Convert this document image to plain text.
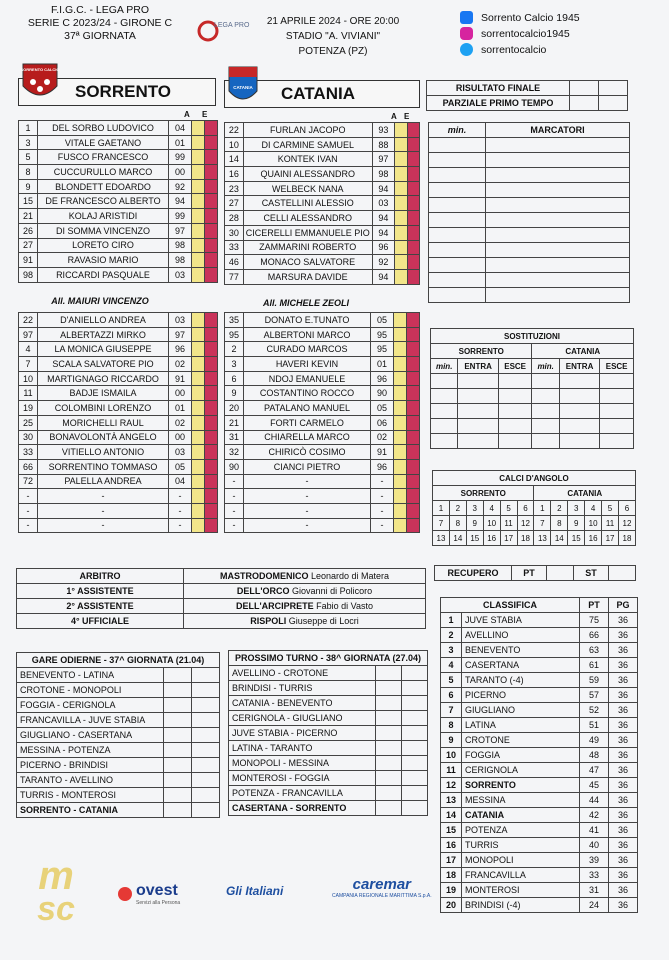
F.I.G.C. - LEGA PRO
SERIE C 2023/24 - GIRONE C
37ª GIORNATA
LEGA PRO	21 APRILE 2024 - ORE 20:00
STADIO "A. VIVIANI"
POTENZA (PZ)
Sorrento Calcio 1945
sorrentocalcio1945
sorrentocalcio
SORRENTO CALCIO
SORRENTO	CATANIA CATANIA
A E	A E
1	DEL SORBO LUDOVICO	04		
3	VITALE GAETANO	01		
5	FUSCO FRANCESCO	99		
8	CUCCURULLO MARCO	00		
9	BLONDETT EDOARDO	92		
15	DE FRANCESCO ALBERTO	94		
21	KOLAJ ARISTIDI	99		
26	DI SOMMA VINCENZO	97		
27	LORETO CIRO	98		
91	RAVASIO MARIO	98		
98	RICCARDI PASQUALE	03		
All. MAIURI VINCENZO
22	D'ANIELLO ANDREA	03		
97	ALBERTAZZI MIRKO	97		
4	LA MONICA GIUSEPPE	96		
7	SCALA SALVATORE PIO	02		
10	MARTIGNAGO RICCARDO	91		
11	BADJE ISMAILA	00		
19	COLOMBINI LORENZO	01		
25	MORICHELLI RAUL	02		
30	BONAVOLONTÀ ANGELO	00		
33	VITIELLO ANTONIO	03		
66	SORRENTINO TOMMASO	05		
72	PALELLA ANDREA	04		
-	-	-		
-	-	-		
-	-	-		
22	FURLAN JACOPO	93		
10	DI CARMINE SAMUEL	88		
14	KONTEK IVAN	97		
16	QUAINI ALESSANDRO	98		
23	WELBECK NANA	94		
27	CASTELLINI ALESSIO	03		
28	CELLI ALESSANDRO	94		
30	CICERELLI EMMANUELE PIO	94		
33	ZAMMARINI ROBERTO	96		
46	MONACO SALVATORE	92		
77	MARSURA DAVIDE	94		
All. MICHELE ZEOLI
35	DONATO E.TUNATO	05		
95	ALBERTONI MARCO	95		
2	CURADO MARCOS	95		
3	HAVERI KEVIN	01		
6	NDOJ EMANUELE	96		
9	COSTANTINO ROCCO	90		
20	PATALANO MANUEL	05		
21	FORTI CARMELO	06		
31	CHIARELLA MARCO	02		
32	CHIRICÒ COSIMO	91		
90	CIANCI PIETRO	96		
-	-	-		
-	-	-		
-	-	-		
-	-	-		
RISULTATO FINALE		
PARZIALE PRIMO TEMPO		
min.	MARCATORI

SOSTITUZIONI					
SORRENTO			CATANIA		
min.	ENTRA	ESCE	min.	ENTRA	ESCE

CALCI D'ANGOLO											
SORRENTO						CATANIA					
1	2	3	4	5	6	1	2	3	4	5	6
7	8	9	10	11	12	7	8	9	10	11	12
13	14	15	16	17	18	13	14	15	16	17	18
RECUPERO	PT		ST	
ARBITRO	MASTRODOMENICO Leonardo di Matera
1° ASSISTENTE	DELL'ORCO Giovanni di Policoro
2° ASSISTENTE	DELL'ARCIPRETE Fabio di Vasto
4° UFFICIALE	RISPOLI Giuseppe di Locri
GARE ODIERNE - 37^ GIORNATA (21.04)		
BENEVENTO - LATINA		
CROTONE - MONOPOLI		
FOGGIA - CERIGNOLA		
FRANCAVILLA - JUVE STABIA		
GIUGLIANO - CASERTANA		
MESSINA - POTENZA		
PICERNO - BRINDISI		
TARANTO - AVELLINO		
TURRIS - MONTEROSI		
SORRENTO - CATANIA		
PROSSIMO TURNO - 38^ GIORNATA (27.04)		
AVELLINO - CROTONE		
BRINDISI - TURRIS		
CATANIA - BENEVENTO		
CERIGNOLA - GIUGLIANO		
JUVE STABIA - PICERNO		
LATINA - TARANTO		
MONOPOLI - MESSINA		
MONTEROSI - FOGGIA		
POTENZA - FRANCAVILLA		
CASERTANA - SORRENTO		
CLASSIFICA		PT	PG
1	JUVE STABIA	75	36
2	AVELLINO	66	36
3	BENEVENTO	63	36
4	CASERTANA	61	36
5	TARANTO (-4)	59	36
6	PICERNO	57	36
7	GIUGLIANO	52	36
8	LATINA	51	36
9	CROTONE	49	36
10	FOGGIA	48	36
11	CERIGNOLA	47	36
12	SORRENTO	45	36
13	MESSINA	44	36
14	CATANIA	42	36
15	POTENZA	41	36
16	TURRIS	40	36
17	MONOPOLI	39	36
18	FRANCAVILLA	33	36
19	MONTEROSI	31	36
20	BRINDISI (-4)	24	36
m
sc	ovest
Servizi alla Persona
Gli Italiani	caremar
CAMPANIA REGIONALE MARITTIMA S.p.A.
